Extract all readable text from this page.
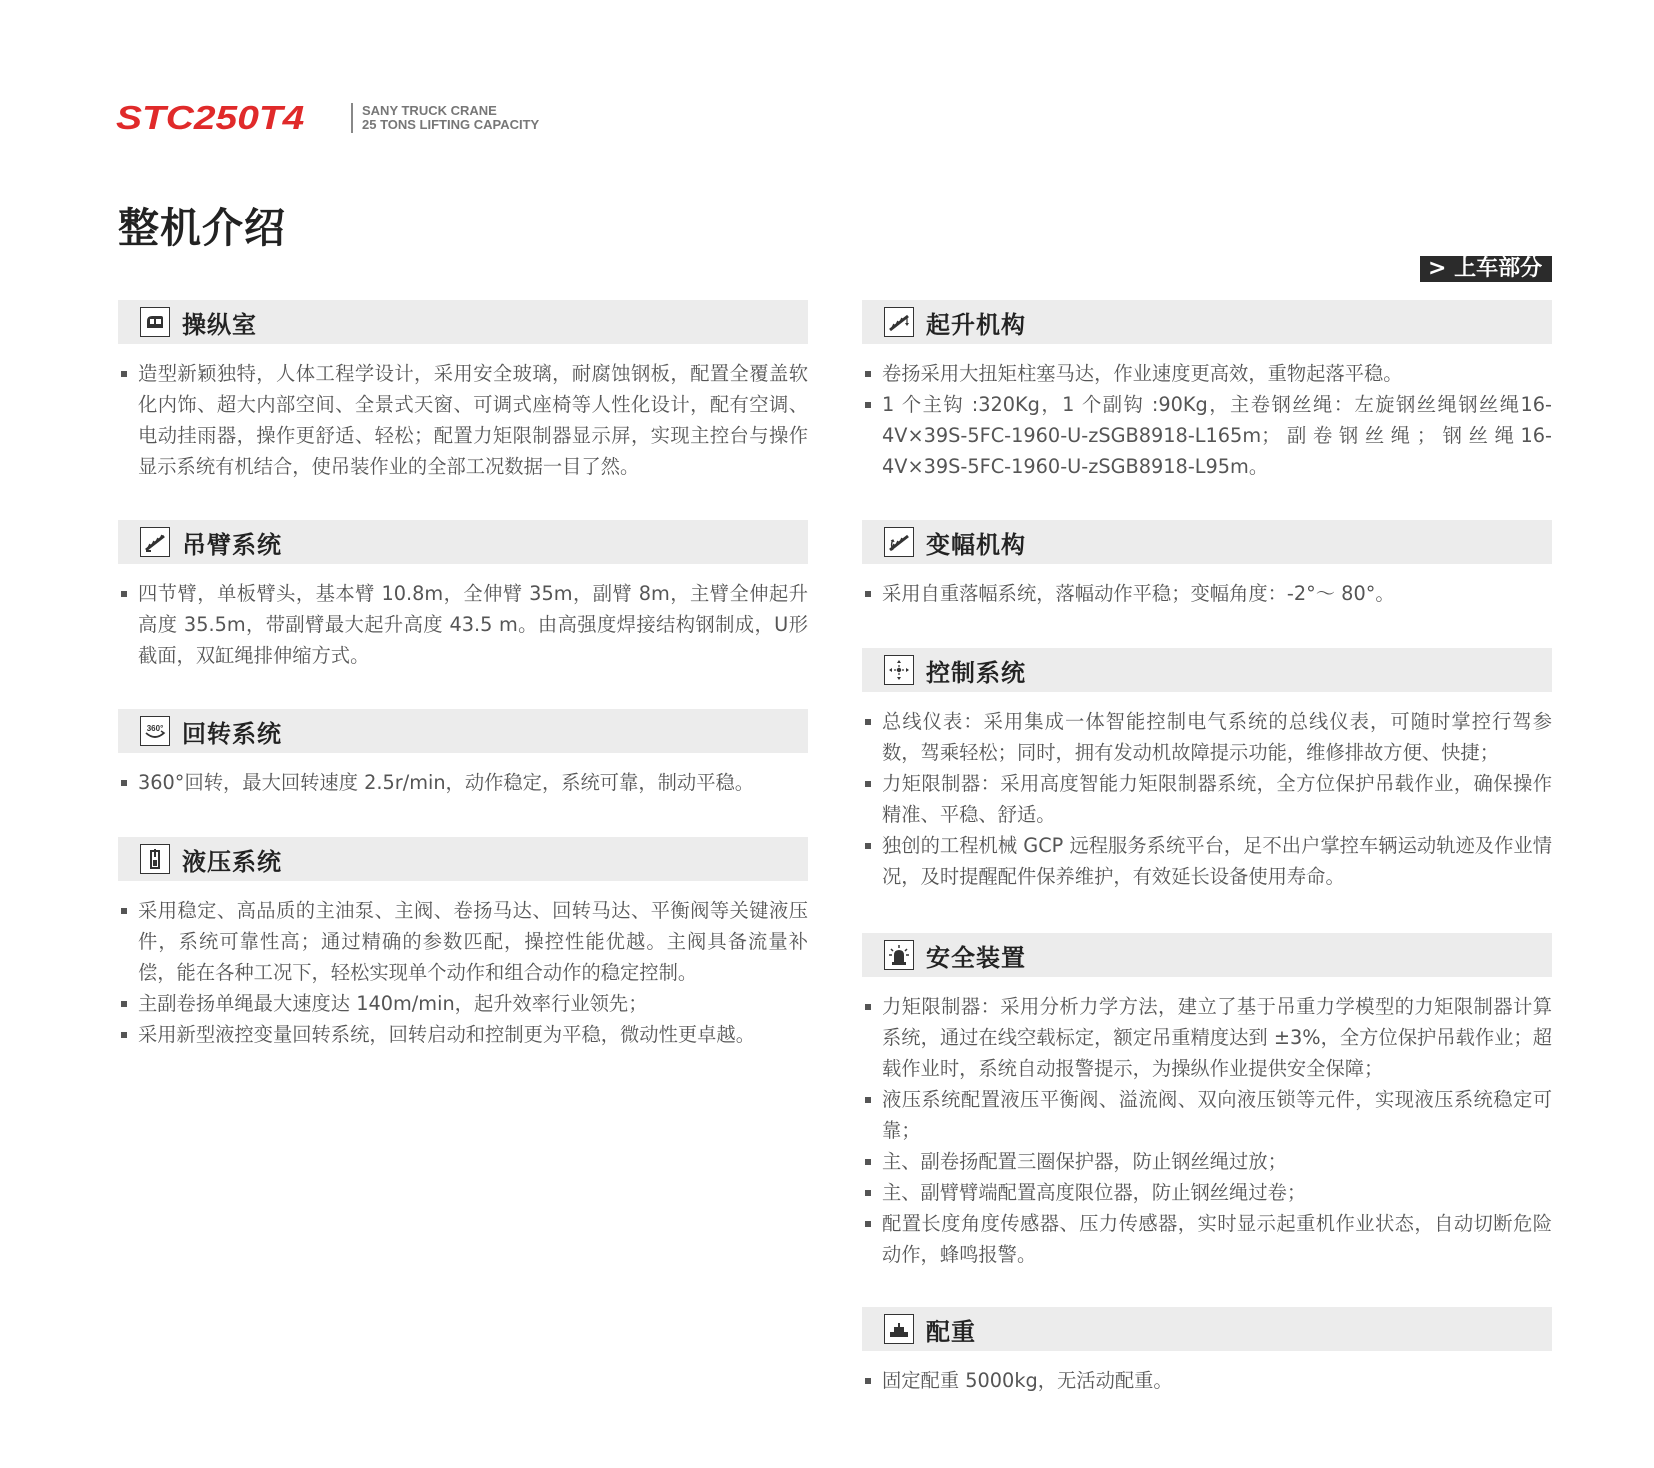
STC250T4	SANY TRUCK CRANE
25 TONS LIFTING CAPACITY
整机介绍
> 上车部分
操纵室
造型新颖独特，人体工程学设计，采用安全玻璃，耐腐蚀钢板，配置全覆盖软化内饰、超大内部空间、全景式天窗、可调式座椅等人性化设计，配有空调、电动挂雨器，操作更舒适、轻松；配置力矩限制器显示屏，实现主控台与操作显示系统有机结合，使吊装作业的全部工况数据一目了然。
吊臂系统
四节臂，单板臂头，基本臂 10.8m，全伸臂 35m，副臂 8m，主臂全伸起升高度 35.5m，带副臂最大起升高度 43.5 m。由高强度焊接结构钢制成，U形截面，双缸绳排伸缩方式。
360° 回转系统
360°回转，最大回转速度 2.5r/min，动作稳定，系统可靠，制动平稳。
液压系统
采用稳定、高品质的主油泵、主阀、卷扬马达、回转马达、平衡阀等关键液压件，系统可靠性高；通过精确的参数匹配，操控性能优越。主阀具备流量补偿，能在各种工况下，轻松实现单个动作和组合动作的稳定控制。
主副卷扬单绳最大速度达 140m/min，起升效率行业领先；
采用新型液控变量回转系统，回转启动和控制更为平稳，微动性更卓越。
起升机构
卷扬采用大扭矩柱塞马达，作业速度更高效，重物起落平稳。
1 个主钩 :320Kg，1 个副钩 :90Kg，主卷钢丝绳：左旋钢丝绳钢丝绳16-4V×39S-5FC-1960-U-zSGB8918-L165m；副卷钢丝绳；钢丝绳16-4V×39S-5FC-1960-U-zSGB8918-L95m。
变幅机构
采用自重落幅系统，落幅动作平稳；变幅角度：-2°～ 80°。
控制系统
总线仪表：采用集成一体智能控制电气系统的总线仪表，可随时掌控行驾参数，驾乘轻松；同时，拥有发动机故障提示功能，维修排故方便、快捷；
力矩限制器：采用高度智能力矩限制器系统，全方位保护吊载作业，确保操作精准、平稳、舒适。
独创的工程机械 GCP 远程服务系统平台，足不出户掌控车辆运动轨迹及作业情况，及时提醒配件保养维护，有效延长设备使用寿命。
安全装置
力矩限制器：采用分析力学方法，建立了基于吊重力学模型的力矩限制器计算系统，通过在线空载标定，额定吊重精度达到 ±3%，全方位保护吊载作业；超载作业时，系统自动报警提示，为操纵作业提供安全保障；
液压系统配置液压平衡阀、溢流阀、双向液压锁等元件，实现液压系统稳定可靠；
主、副卷扬配置三圈保护器，防止钢丝绳过放；
主、副臂臂端配置高度限位器，防止钢丝绳过卷；
配置长度角度传感器、压力传感器，实时显示起重机作业状态，自动切断危险动作，蜂鸣报警。
配重
固定配重 5000kg，无活动配重。
